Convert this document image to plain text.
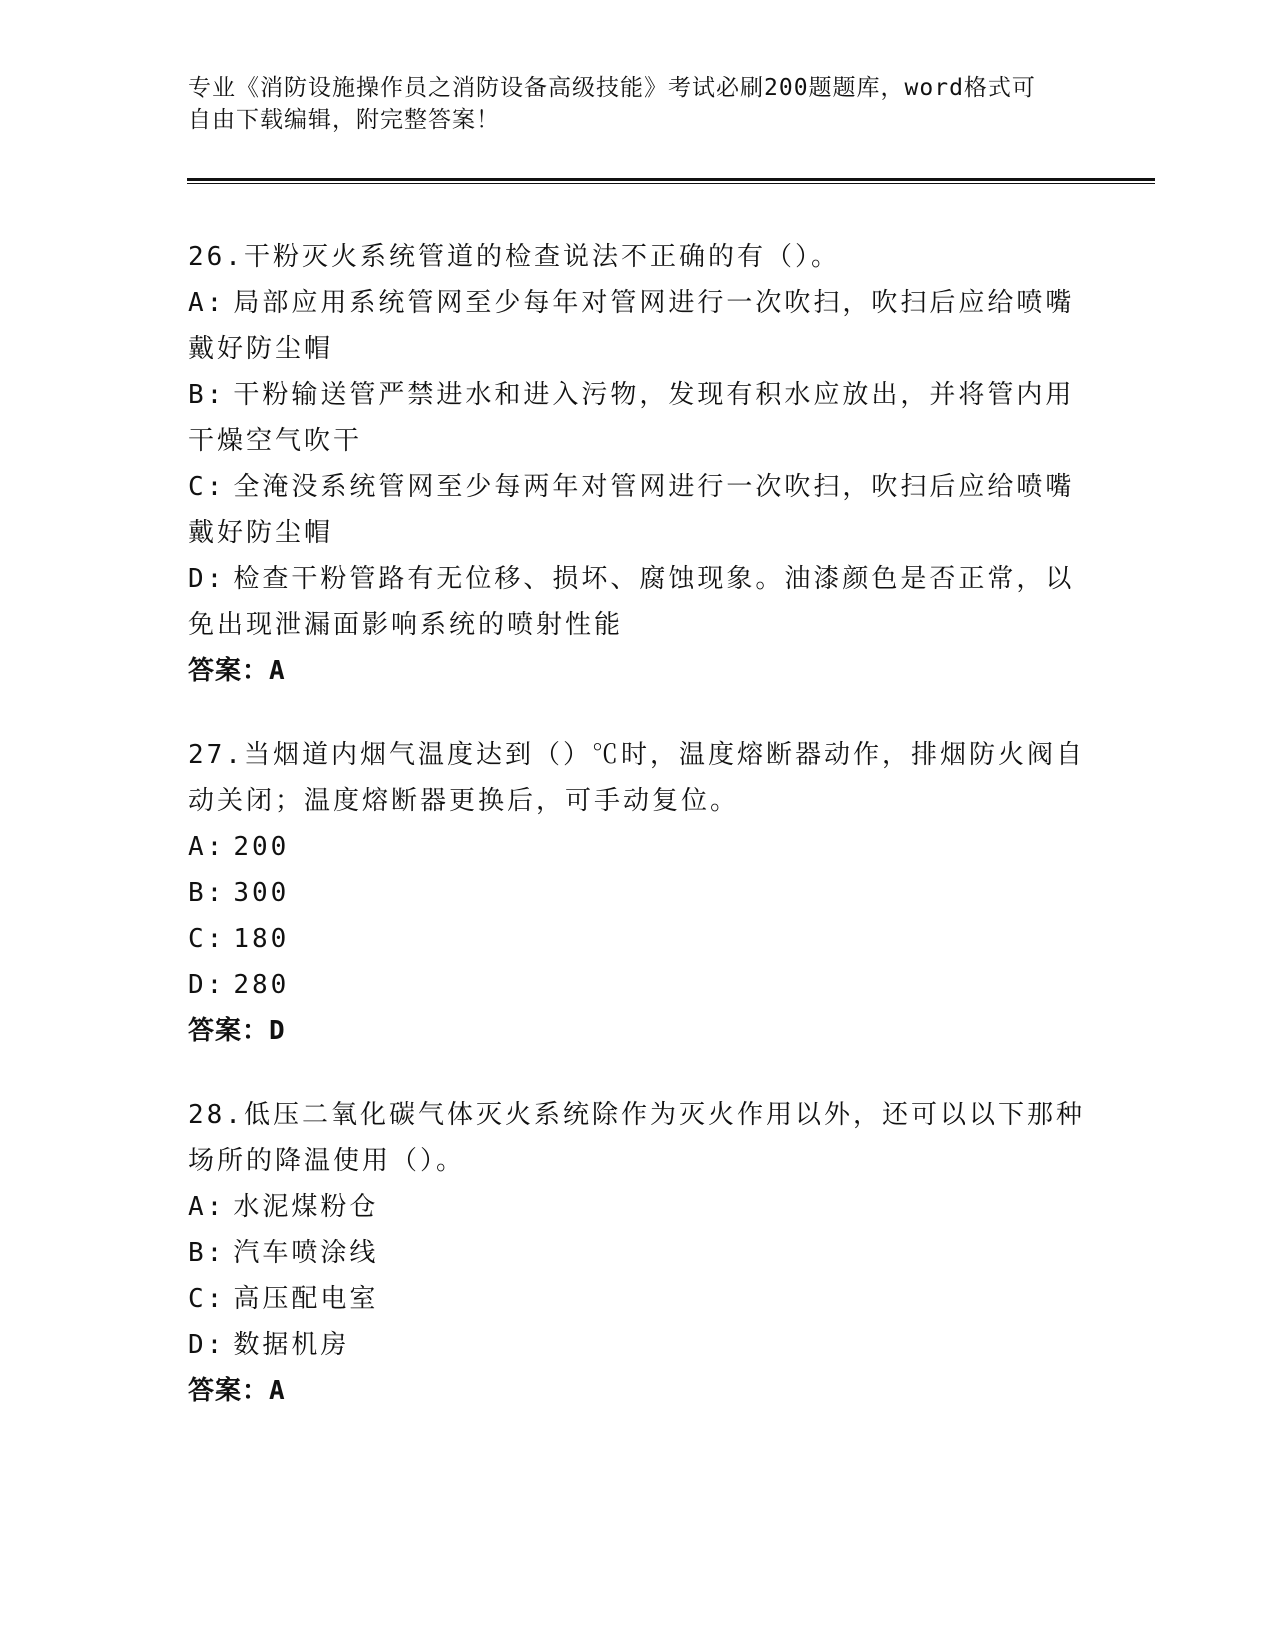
专业《消防设施操作员之消防设备高级技能》考试必刷200题题库，word格式可
自由下载编辑，附完整答案！
26.干粉灭火系统管道的检查说法不正确的有（）。
A: 局部应用系统管网至少每年对管网进行一次吹扫，吹扫后应给喷嘴戴好防尘帽
B: 干粉输送管严禁进水和进入污物，发现有积水应放出，并将管内用干燥空气吹干
C: 全淹没系统管网至少每两年对管网进行一次吹扫，吹扫后应给喷嘴戴好防尘帽
D: 检查干粉管路有无位移、损坏、腐蚀现象。油漆颜色是否正常，以免出现泄漏面影响系统的喷射性能
答案：A
27.当烟道内烟气温度达到（）℃时，温度熔断器动作，排烟防火阀自动关闭；温度熔断器更换后，可手动复位。
A: 200
B: 300
C: 180
D: 280
答案：D
28.低压二氧化碳气体灭火系统除作为灭火作用以外，还可以以下那种场所的降温使用（）。
A: 水泥煤粉仓
B: 汽车喷涂线
C: 高压配电室
D: 数据机房
答案：A
